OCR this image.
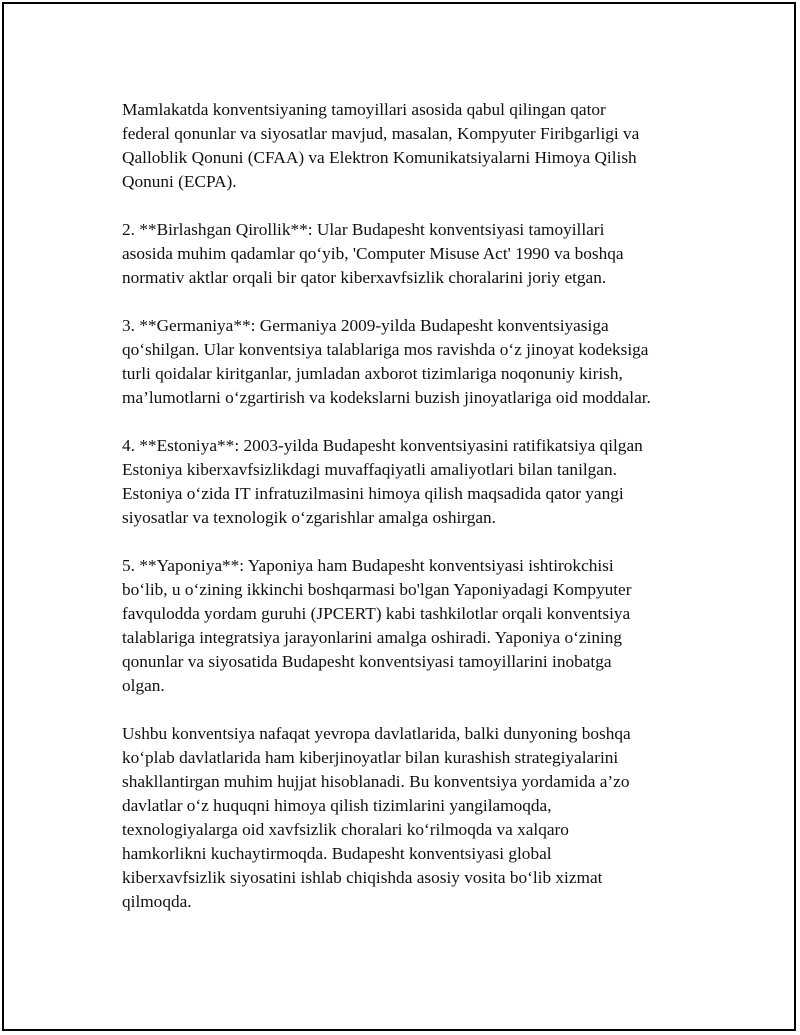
Mamlakatda konventsiyaning tamoyillari asosida qabul qilingan qator
federal qonunlar va siyosatlar mavjud, masalan, Kompyuter Firibgarligi va
Qalloblik Qonuni (CFAA) va Elektron Komunikatsiyalarni Himoya Qilish
Qonuni (ECPA).

2. **Birlashgan Qirollik**: Ular Budapesht konventsiyasi tamoyillari
asosida muhim qadamlar qo‘yib, 'Computer Misuse Act' 1990 va boshqa
normativ aktlar orqali bir qator kiberxavfsizlik choralarini joriy etgan.

3. **Germaniya**: Germaniya 2009-yilda Budapesht konventsiyasiga
qo‘shilgan. Ular konventsiya talablariga mos ravishda o‘z jinoyat kodeksiga
turli qoidalar kiritganlar, jumladan axborot tizimlariga noqonuniy kirish,
ma’lumotlarni o‘zgartirish va kodekslarni buzish jinoyatlariga oid moddalar.

4. **Estoniya**: 2003-yilda Budapesht konventsiyasini ratifikatsiya qilgan
Estoniya kiberxavfsizlikdagi muvaffaqiyatli amaliyotlari bilan tanilgan.
Estoniya o‘zida IT infratuzilmasini himoya qilish maqsadida qator yangi
siyosatlar va texnologik o‘zgarishlar amalga oshirgan.

5. **Yaponiya**: Yaponiya ham Budapesht konventsiyasi ishtirokchisi
bo‘lib, u o‘zining ikkinchi boshqarmasi bo'lgan Yaponiyadagi Kompyuter
favqulodda yordam guruhi (JPCERT) kabi tashkilotlar orqali konventsiya
talablariga integratsiya jarayonlarini amalga oshiradi. Yaponiya o‘zining
qonunlar va siyosatida Budapesht konventsiyasi tamoyillarini inobatga
olgan.

Ushbu konventsiya nafaqat yevropa davlatlarida, balki dunyoning boshqa
ko‘plab davlatlarida ham kiberjinoyatlar bilan kurashish strategiyalarini
shakllantirgan muhim hujjat hisoblanadi. Bu konventsiya yordamida a’zo
davlatlar o‘z huquqni himoya qilish tizimlarini yangilamoqda,
texnologiyalarga oid xavfsizlik choralari ko‘rilmoqda va xalqaro
hamkorlikni kuchaytirmoqda. Budapesht konventsiyasi global
kiberxavfsizlik siyosatini ishlab chiqishda asosiy vosita bo‘lib xizmat
qilmoqda.
